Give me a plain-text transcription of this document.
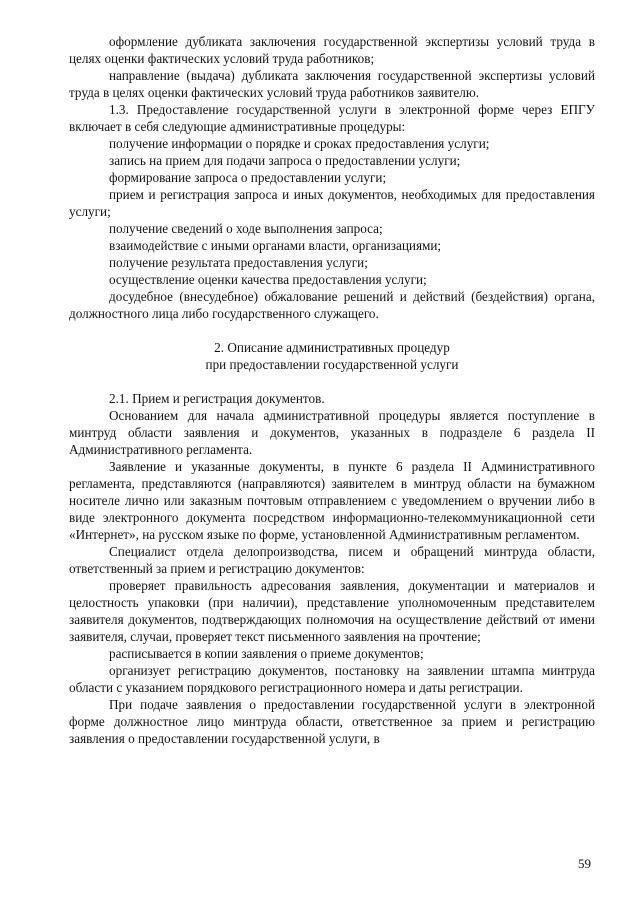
оформление дубликата заключения государственной экспертизы условий труда в целях оценки фактических условий труда работников;

направление (выдача) дубликата заключения государственной экспертизы условий труда в целях оценки фактических условий труда работников заявителю.

1.3. Предоставление государственной услуги в электронной форме через ЕПГУ включает в себя следующие административные процедуры:

получение информации о порядке и сроках предоставления услуги;

запись на прием для подачи запроса о предоставлении услуги;

формирование запроса о предоставлении услуги;

прием и регистрация запроса и иных документов, необходимых для предоставления услуги;

получение сведений о ходе выполнения запроса;

взаимодействие с иными органами власти, организациями;

получение результата предоставления услуги;

осуществление оценки качества предоставления услуги;

досудебное (внесудебное) обжалование решений и действий (бездействия) органа, должностного лица либо государственного служащего.

2. Описание административных процедур

при предоставлении государственной услуги

2.1. Прием и регистрация документов.

Основанием для начала административной процедуры является поступление в минтруд области заявления и документов, указанных в подразделе 6 раздела II Административного регламента.

Заявление и указанные документы, в пункте 6 раздела II Административного регламента, представляются (направляются) заявителем в минтруд области на бумажном носителе лично или заказным почтовым отправлением с уведомлением о вручении либо в виде электронного документа посредством информационно-телекоммуникационной сети «Интернет», на русском языке по форме, установленной Административным регламентом.

Специалист отдела делопроизводства, писем и обращений минтруда области, ответственный за прием и регистрацию документов:

проверяет правильность адресования заявления, документации и материалов и целостность упаковки (при наличии), представление уполномоченным представителем заявителя документов, подтверждающих полномочия на осуществление действий от имени заявителя, случаи, проверяет текст письменного заявления на прочтение;

расписывается в копии заявления о приеме документов;

организует регистрацию документов, постановку на заявлении штампа минтруда области с указанием порядкового регистрационного номера и даты регистрации.

При подаче заявления о предоставлении государственной услуги в электронной форме должностное лицо минтруда области, ответственное за прием и регистрацию заявления о предоставлении государственной услуги, в

59
